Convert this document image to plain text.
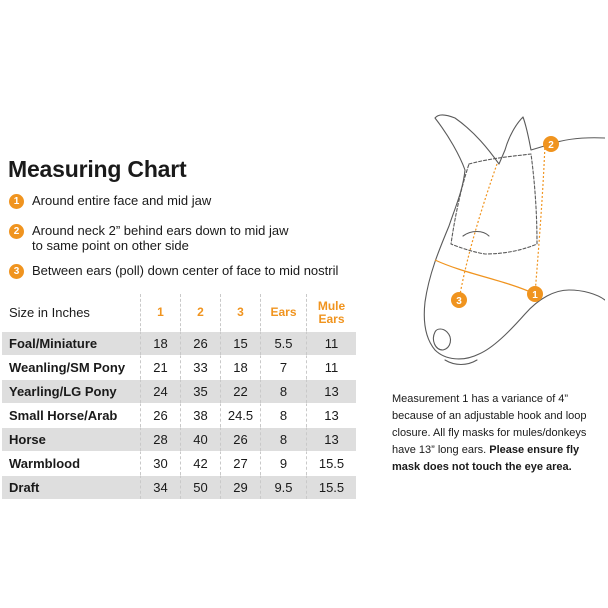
Measuring Chart
1 Around entire face and mid jaw
2 Around neck 2” behind ears down to mid jaw
to same point on other side
3 Between ears (poll) down center of face to mid nostril
Size in Inches	1	2	3	Ears	Mule
Ears
Foal/Miniature	18	26	15	5.5	11
Weanling/SM Pony	21	33	18	7	11
Yearling/LG Pony	24	35	22	8	13
Small Horse/Arab	26	38	24.5	8	13
Horse	28	40	26	8	13
Warmblood	30	42	27	9	15.5
Draft	34	50	29	9.5	15.5
1
2
3

Measurement 1 has a variance of 4” because of an adjustable hook and loop closure. All fly masks for mules/donkeys have 13” long ears. Please ensure fly mask does not touch the eye area.
